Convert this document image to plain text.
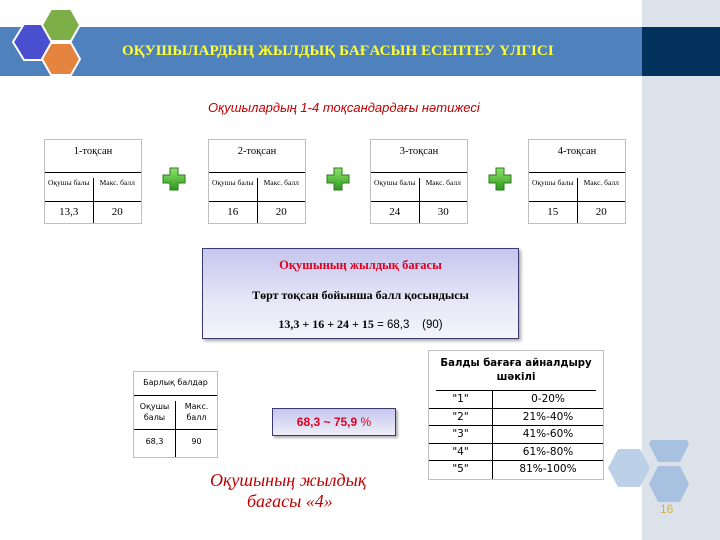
ОҚУШЫЛАРДЫҢ ЖЫЛДЫҚ БАҒАСЫН ЕСЕПТЕУ ҮЛГІСІ
Оқушылардың 1-4 тоқсандардағы нәтижесі
1-тоқсан
Оқушы балы	Макс. балл
13,3	20
2-тоқсан
Оқушы балы	Макс. балл
16	20
3-тоқсан
Оқушы балы	Макс. балл
24	30
4-тоқсан
Оқушы балы	Макс. балл
15	20
Оқушының жылдық бағасы
Төрт тоқсан бойынша балл қосындысы
13,3 + 16 + 24 + 15 = 68,3    (90)
Барлық балдар
Оқушы балы
Макс. балл
68,3	90
68,3 ~ 75,9 %
Балды бағаға айналдыру шәкілі
"1"	0-20%
"2"	21%-40%
"3"	41%-60%
"4"	61%-80%
"5"	81%-100%
Оқушының жылдық
бағасы «4»	16
